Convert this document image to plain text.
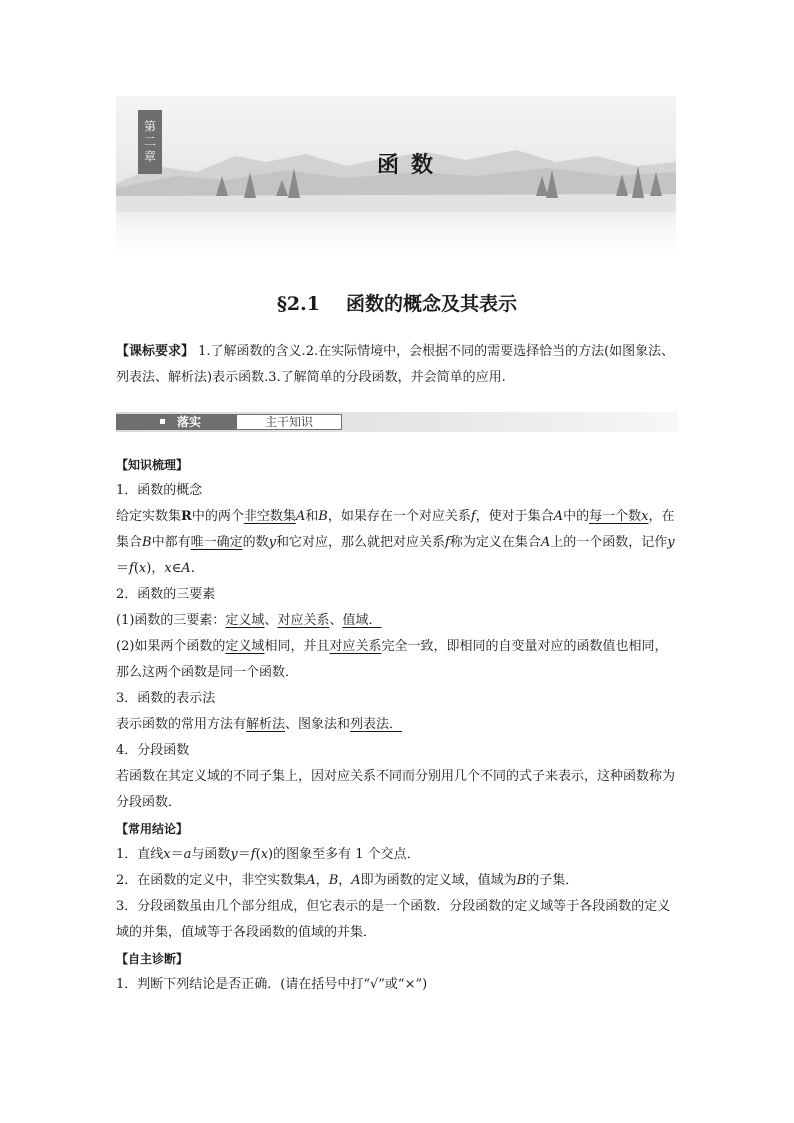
第二章
函数
§2.1 函数的概念及其表示
【课标要求】 1.了解函数的含义.2.在实际情境中，会根据不同的需要选择恰当的方法(如图象法、列表法、解析法)表示函数.3.了解简单的分段函数，并会简单的应用.
落实	主干知识

【知识梳理】

1．函数的概念

给定实数集R中的两个非空数集A和B，如果存在一个对应关系f，使对于集合A中的每一个数x，在集合B中都有唯一确定的数y和它对应，那么就把对应关系f称为定义在集合A上的一个函数，记作y＝f(x)，x∈A.

2．函数的三要素

(1)函数的三要素：定义域、对应关系、值域．

(2)如果两个函数的定义域相同，并且对应关系完全一致，即相同的自变量对应的函数值也相同，那么这两个函数是同一个函数．

3．函数的表示法

表示函数的常用方法有解析法、图象法和列表法．

4．分段函数

若函数在其定义域的不同子集上，因对应关系不同而分别用几个不同的式子来表示，这种函数称为分段函数．

【常用结论】

1．直线x＝a与函数y＝f(x)的图象至多有 1 个交点．

2．在函数的定义中，非空实数集A，B，A即为函数的定义域，值域为B的子集．

3．分段函数虽由几个部分组成，但它表示的是一个函数．分段函数的定义域等于各段函数的定义域的并集，值域等于各段函数的值域的并集．

【自主诊断】

1．判断下列结论是否正确．(请在括号中打“√”或“×”)
